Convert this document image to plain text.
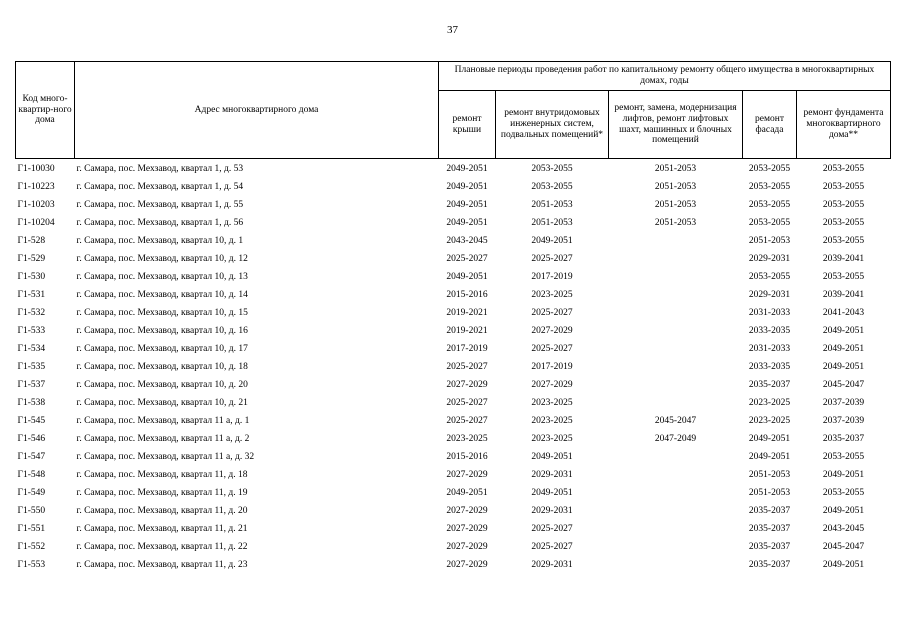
37
Код много-квартир-ного дома	Адрес многоквартирного дома	Плановые периоды проведения работ по капитальному ремонту общего имущества в многоквартирных домах, годы				
		ремонт крыши	ремонт внутридомовых инженерных систем, подвальных помещений*	ремонт, замена, модернизация лифтов, ремонт лифтовых шахт, машинных и блочных помещений	ремонт фасада	ремонт фундамента многоквартирного дома**
Г1-10030	г. Самара, пос. Мехзавод, квартал 1, д. 53	2049-2051	2053-2055	2051-2053	2053-2055	2053-2055
Г1-10223	г. Самара, пос. Мехзавод, квартал 1, д. 54	2049-2051	2053-2055	2051-2053	2053-2055	2053-2055
Г1-10203	г. Самара, пос. Мехзавод, квартал 1, д. 55	2049-2051	2051-2053	2051-2053	2053-2055	2053-2055
Г1-10204	г. Самара, пос. Мехзавод, квартал 1, д. 56	2049-2051	2051-2053	2051-2053	2053-2055	2053-2055
Г1-528	г. Самара, пос. Мехзавод, квартал 10, д. 1	2043-2045	2049-2051		2051-2053	2053-2055
Г1-529	г. Самара, пос. Мехзавод, квартал 10, д. 12	2025-2027	2025-2027		2029-2031	2039-2041
Г1-530	г. Самара, пос. Мехзавод, квартал 10, д. 13	2049-2051	2017-2019		2053-2055	2053-2055
Г1-531	г. Самара, пос. Мехзавод, квартал 10, д. 14	2015-2016	2023-2025		2029-2031	2039-2041
Г1-532	г. Самара, пос. Мехзавод, квартал 10, д. 15	2019-2021	2025-2027		2031-2033	2041-2043
Г1-533	г. Самара, пос. Мехзавод, квартал 10, д. 16	2019-2021	2027-2029		2033-2035	2049-2051
Г1-534	г. Самара, пос. Мехзавод, квартал 10, д. 17	2017-2019	2025-2027		2031-2033	2049-2051
Г1-535	г. Самара, пос. Мехзавод, квартал 10, д. 18	2025-2027	2017-2019		2033-2035	2049-2051
Г1-537	г. Самара, пос. Мехзавод, квартал 10, д. 20	2027-2029	2027-2029		2035-2037	2045-2047
Г1-538	г. Самара, пос. Мехзавод, квартал 10, д. 21	2025-2027	2023-2025		2023-2025	2037-2039
Г1-545	г. Самара, пос. Мехзавод, квартал 11 а, д. 1	2025-2027	2023-2025	2045-2047	2023-2025	2037-2039
Г1-546	г. Самара, пос. Мехзавод, квартал 11 а, д. 2	2023-2025	2023-2025	2047-2049	2049-2051	2035-2037
Г1-547	г. Самара, пос. Мехзавод, квартал 11 а, д. 32	2015-2016	2049-2051		2049-2051	2053-2055
Г1-548	г. Самара, пос. Мехзавод, квартал 11, д. 18	2027-2029	2029-2031		2051-2053	2049-2051
Г1-549	г. Самара, пос. Мехзавод, квартал 11, д. 19	2049-2051	2049-2051		2051-2053	2053-2055
Г1-550	г. Самара, пос. Мехзавод, квартал 11, д. 20	2027-2029	2029-2031		2035-2037	2049-2051
Г1-551	г. Самара, пос. Мехзавод, квартал 11, д. 21	2027-2029	2025-2027		2035-2037	2043-2045
Г1-552	г. Самара, пос. Мехзавод, квартал 11, д. 22	2027-2029	2025-2027		2035-2037	2045-2047
Г1-553	г. Самара, пос. Мехзавод, квартал 11, д. 23	2027-2029	2029-2031		2035-2037	2049-2051
